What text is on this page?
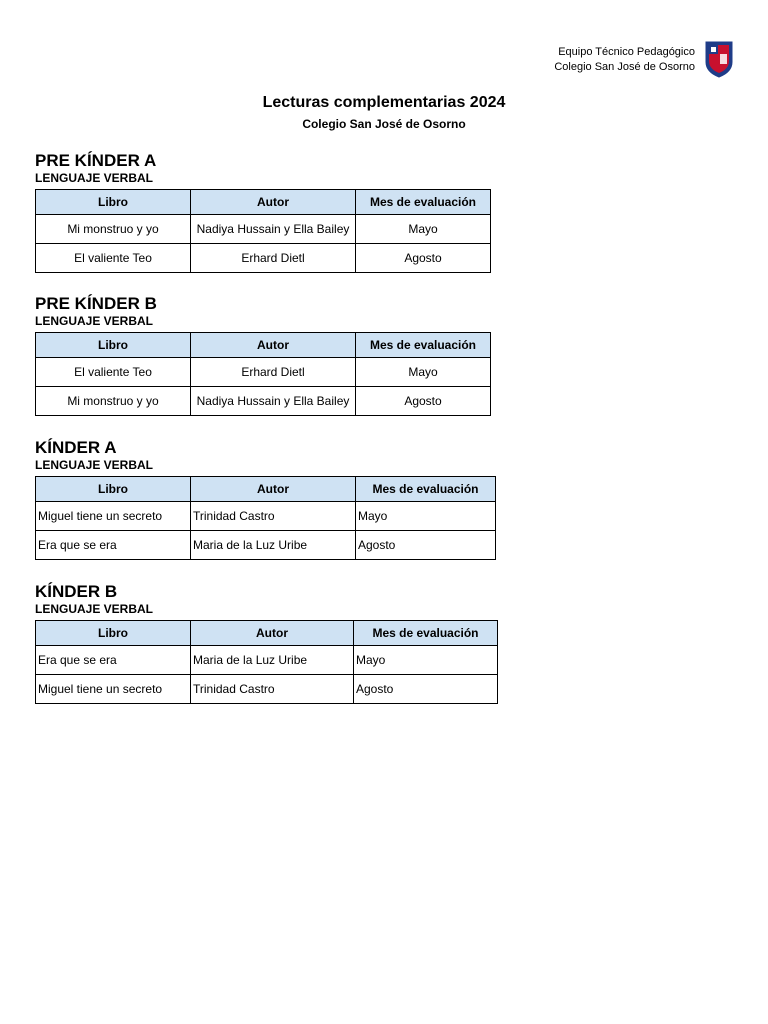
Equipo Técnico Pedagógico
Colegio San José de Osorno
Lecturas complementarias 2024
Colegio San José de Osorno
PRE KÍNDER A
LENGUAJE VERBAL
Libro	Autor	Mes de evaluación
Mi monstruo y yo	Nadiya Hussain y Ella Bailey	Mayo
El valiente Teo	Erhard Dietl	Agosto
PRE KÍNDER B
LENGUAJE VERBAL
Libro	Autor	Mes de evaluación
El valiente Teo	Erhard Dietl	Mayo
Mi monstruo y yo	Nadiya Hussain y Ella Bailey	Agosto
KÍNDER A
LENGUAJE VERBAL
Libro	Autor	Mes de evaluación
Miguel tiene un secreto	Trinidad Castro	Mayo
Era que se era	Maria de la Luz Uribe	Agosto
KÍNDER B
LENGUAJE VERBAL
Libro	Autor	Mes de evaluación
Era que se era	Maria de la Luz Uribe	Mayo
Miguel tiene un secreto	Trinidad Castro	Agosto
